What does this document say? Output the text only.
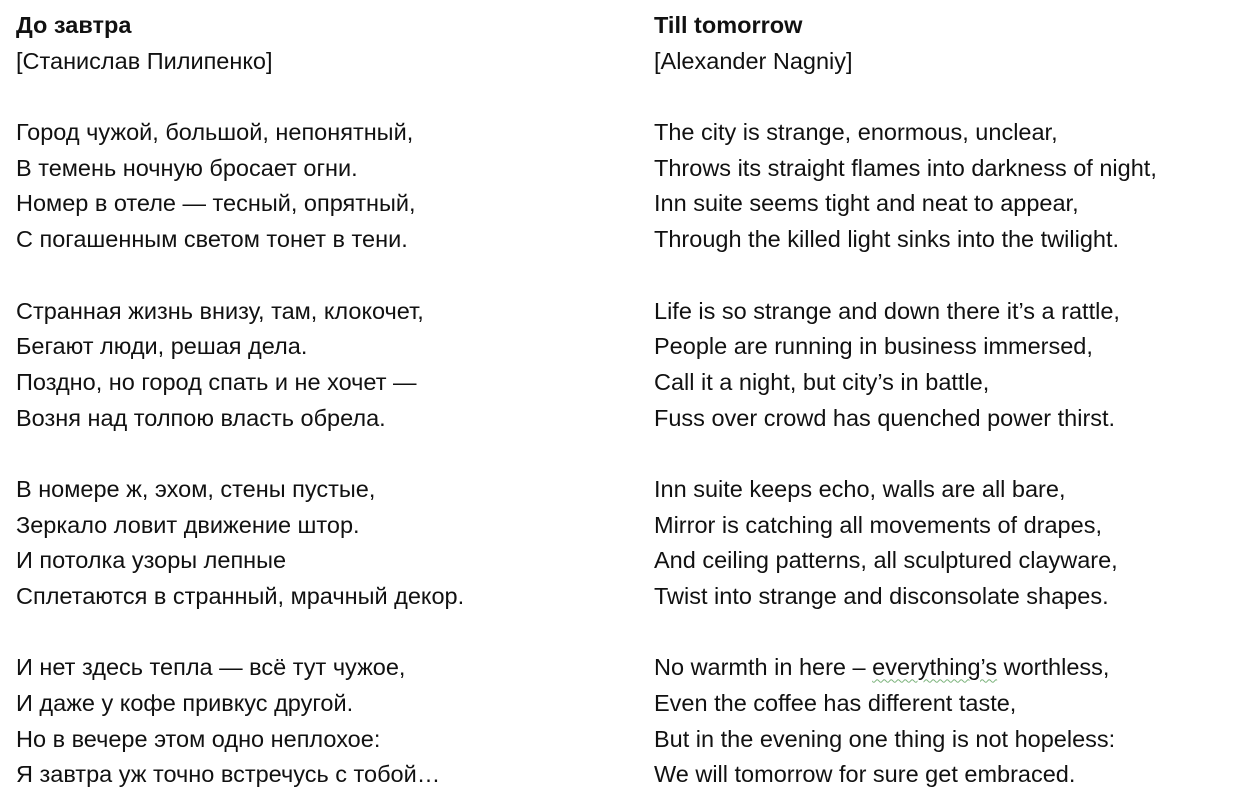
До завтра
[Станислав Пилипенко]
Город чужой, большой, непонятный,
В темень ночную бросает огни.
Номер в отеле — тесный, опрятный,
С погашенным светом тонет в тени.
Странная жизнь внизу, там, клокочет,
Бегают люди, решая дела.
Поздно, но город спать и не хочет —
Возня над толпою власть обрела.
В номере ж, эхом, стены пустые,
Зеркало ловит движение штор.
И потолка узоры лепные
Сплетаются в странный, мрачный декор.
И нет здесь тепла — всё тут чужое,
И даже у кофе привкус другой.
Но в вечере этом одно неплохое:
Я завтра уж точно встречусь с тобой…
Till tomorrow
[Alexander Nagniy]
The city is strange, enormous, unclear,
Throws its straight flames into darkness of night,
Inn suite seems tight and neat to appear,
Through the killed light sinks into the twilight.
Life is so strange and down there it’s a rattle,
People are running in business immersed,
Call it a night, but city’s in battle,
Fuss over crowd has quenched power thirst.
Inn suite keeps echo, walls are all bare,
Mirror is catching all movements of drapes,
And ceiling patterns, all sculptured clayware,
Twist into strange and disconsolate shapes.
No warmth in here – everything’s worthless,
Even the coffee has different taste,
But in the evening one thing is not hopeless:
We will tomorrow for sure get embraced.
